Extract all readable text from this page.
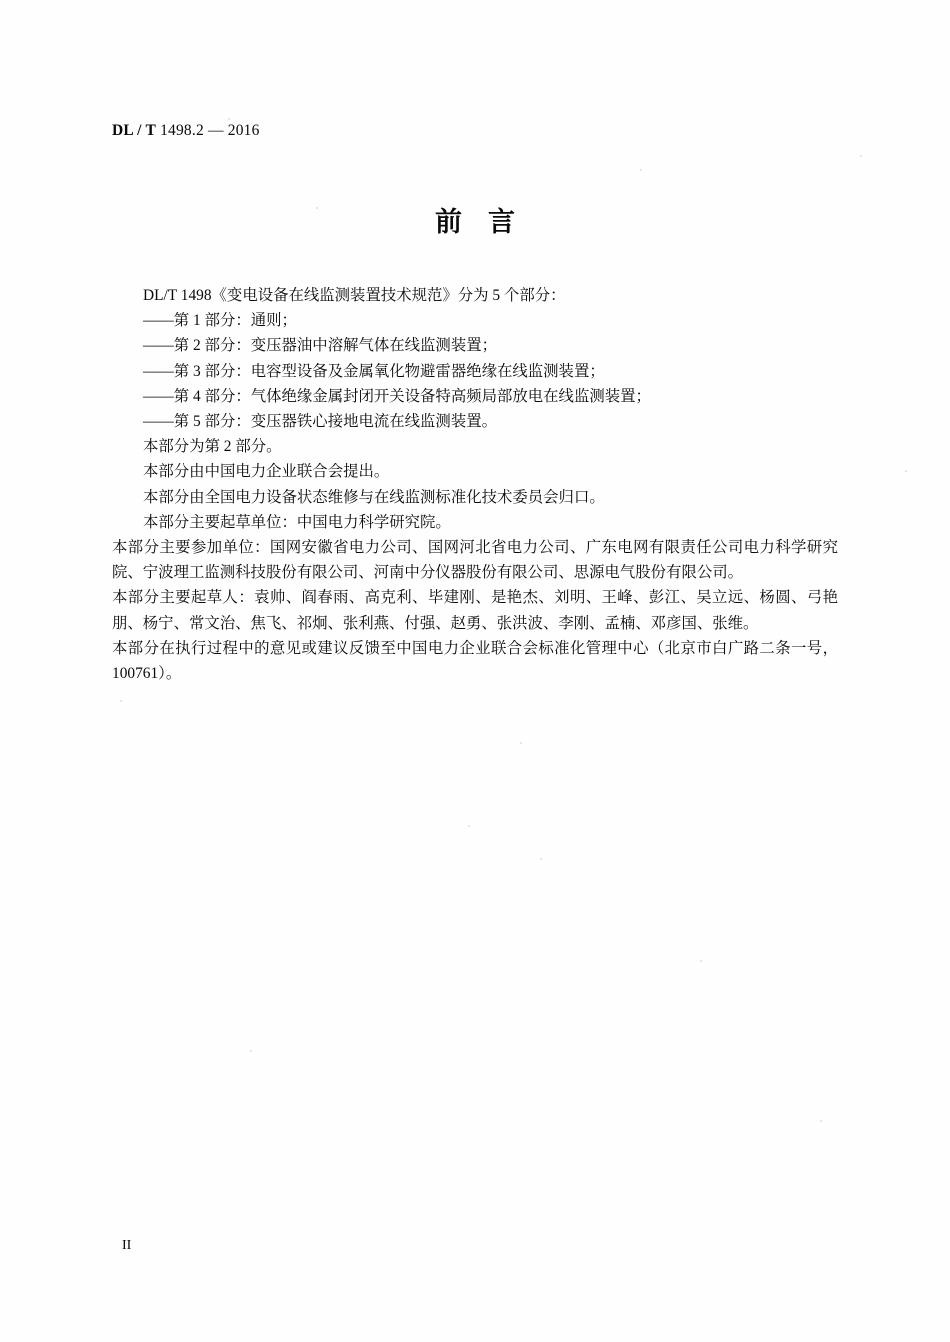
DL / T 1498.2 — 2016
前言

DL/T 1498《变电设备在线监测装置技术规范》分为 5 个部分：

——第 1 部分：通则；

——第 2 部分：变压器油中溶解气体在线监测装置；

——第 3 部分：电容型设备及金属氧化物避雷器绝缘在线监测装置；

——第 4 部分：气体绝缘金属封闭开关设备特高频局部放电在线监测装置；

——第 5 部分：变压器铁心接地电流在线监测装置。

本部分为第 2 部分。

本部分由中国电力企业联合会提出。

本部分由全国电力设备状态维修与在线监测标准化技术委员会归口。

本部分主要起草单位：中国电力科学研究院。

本部分主要参加单位：国网安徽省电力公司、国网河北省电力公司、广东电网有限责任公司电力科学研究院、宁波理工监测科技股份有限公司、河南中分仪器股份有限公司、思源电气股份有限公司。

本部分主要起草人：袁帅、阎春雨、高克利、毕建刚、是艳杰、刘明、王峰、彭江、吴立远、杨圆、弓艳朋、杨宁、常文治、焦飞、祁炯、张利燕、付强、赵勇、张洪波、李刚、孟楠、邓彦国、张维。

本部分在执行过程中的意见或建议反馈至中国电力企业联合会标准化管理中心（北京市白广路二条一号，100761）。

II
